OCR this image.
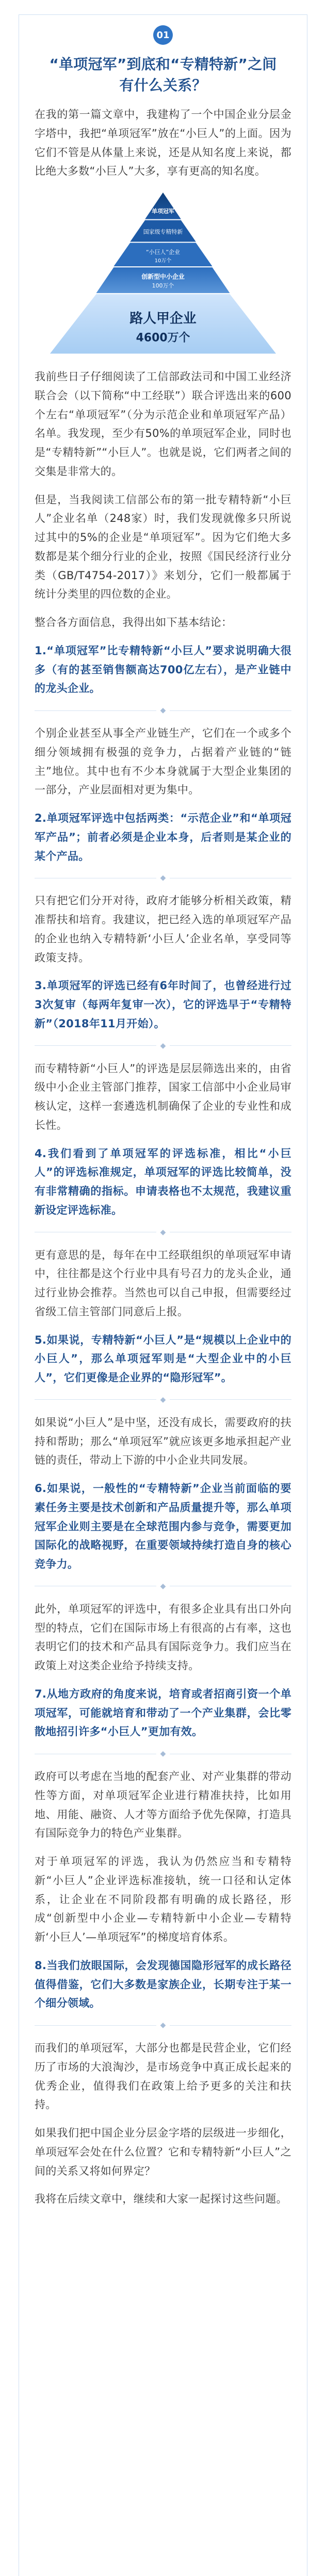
01
“单项冠军”到底和“专精特新”之间有什么关系？
在我的第一篇文章中，我建构了一个中国企业分层金字塔中，我把“单项冠军”放在“小巨人”的上面。因为它们不管是从体量上来说，还是从知名度上来说，都比绝大多数“小巨人”大多，享有更高的知名度。
单项冠军
国家级专精特新
“小巨人”企业
10万个
创新型中小企业
100万个
路人甲企业
4600万个
我前些日子仔细阅读了工信部政法司和中国工业经济联合会（以下简称“中工经联”）联合评选出来的600个左右“单项冠军”（分为示范企业和单项冠军产品）名单。我发现，至少有50%的单项冠军企业，同时也是“专精特新”“小巨人”。也就是说，它们两者之间的交集是非常大的。
但是，当我阅读工信部公布的第一批专精特新“小巨人”企业名单（248家）时，我们发现就像多只所说过其中的5%的企业是“单项冠军”。因为它们绝大多数都是某个细分行业的企业，按照《国民经济行业分类（GB/T4754-2017）》来划分，它们一般都属于统计分类里的四位数的企业。
整合各方面信息，我得出如下基本结论：
1.“单项冠军”比专精特新“小巨人”要求说明确大很多（有的甚至销售额高达700亿左右），是产业链中的龙头企业。
◆
个别企业甚至从事全产业链生产，它们在一个或多个细分领域拥有极强的竞争力，占据着产业链的“链主”地位。其中也有不少本身就属于大型企业集团的一部分，产业层面相对更为集中。
2.单项冠军评选中包括两类：“示范企业”和“单项冠军产品”；前者必须是企业本身，后者则是某企业的某个产品。
◆
只有把它们分开对待，政府才能够分析相关政策，精准帮扶和培育。我建议，把已经入选的单项冠军产品的企业也纳入专精特新‘小巨人’企业名单，享受同等政策支持。
3.单项冠军的评选已经有6年时间了，也曾经进行过3次复审（每两年复审一次），它的评选早于“专精特新”（2018年11月开始）。
◆
而专精特新“小巨人”的评选是层层筛选出来的，由省级中小企业主管部门推荐，国家工信部中小企业局审核认定，这样一套遴选机制确保了企业的专业性和成长性。
4.我们看到了单项冠军的评选标准，相比“小巨人”的评选标准规定，单项冠军的评选比较简单，没有非常精确的指标。申请表格也不太规范，我建议重新设定评选标准。
◆
更有意思的是，每年在中工经联组织的单项冠军申请中，往往都是这个行业中具有号召力的龙头企业，通过行业协会推荐。当然也可以自己申报，但需要经过省级工信主管部门同意后上报。
5.如果说，专精特新“小巨人”是“规模以上企业中的小巨人”，那么单项冠军则是“大型企业中的小巨人”，它们更像是企业界的“隐形冠军”。
◆
如果说“小巨人”是中坚，还没有成长，需要政府的扶持和帮助；那么“单项冠军”就应该更多地承担起产业链的责任，带动上下游的中小企业共同发展。
6.如果说，一般性的“专精特新”企业当前面临的要素任务主要是技术创新和产品质量提升等，那么单项冠军企业则主要是在全球范围内参与竞争，需要更加国际化的战略视野，在重要领域持续打造自身的核心竞争力。
◆
此外，单项冠军的评选中，有很多企业具有出口外向型的特点，它们在国际市场上有很高的占有率，这也表明它们的技术和产品具有国际竞争力。我们应当在政策上对这类企业给予持续支持。
7.从地方政府的角度来说，培育或者招商引资一个单项冠军，可能就培育和带动了一个产业集群，会比零散地招引许多“小巨人”更加有效。
◆
政府可以考虑在当地的配套产业、对产业集群的带动性等方面，对单项冠军企业进行精准扶持，比如用地、用能、融资、人才等方面给予优先保障，打造具有国际竞争力的特色产业集群。
对于单项冠军的评选，我认为仍然应当和专精特新“小巨人”企业评选标准接轨，统一口径和认定体系，让企业在不同阶段都有明确的成长路径，形成“创新型中小企业—专精特新中小企业—专精特新‘小巨人’—单项冠军”的梯度培育体系。
8.当我们放眼国际，会发现德国隐形冠军的成长路径值得借鉴，它们大多数是家族企业，长期专注于某一个细分领域。
◆
而我们的单项冠军，大部分也都是民营企业，它们经历了市场的大浪淘沙，是市场竞争中真正成长起来的优秀企业，值得我们在政策上给予更多的关注和扶持。
如果我们把中国企业分层金字塔的层级进一步细化，单项冠军会处在什么位置？它和专精特新“小巨人”之间的关系又将如何界定？
我将在后续文章中，继续和大家一起探讨这些问题。
